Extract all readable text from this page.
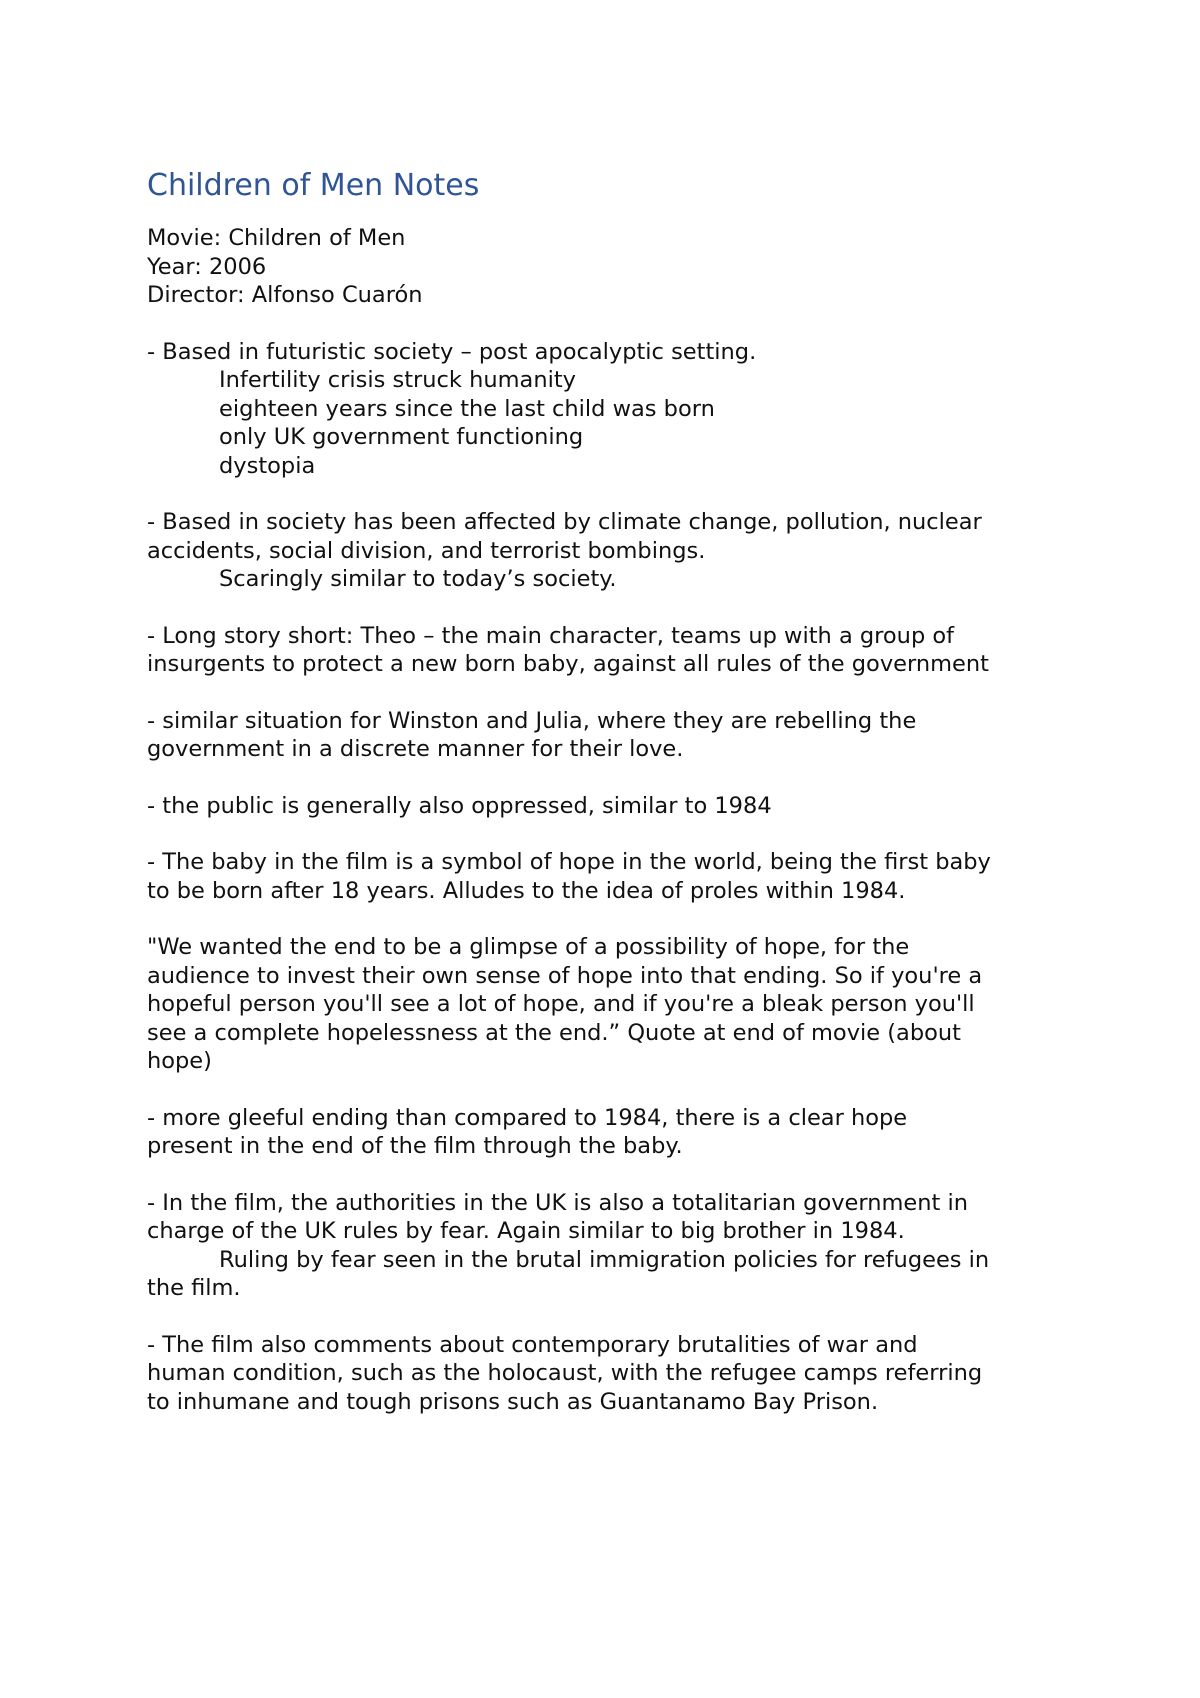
Children of Men Notes
Movie: Children of Men
Year: 2006
Director: Alfonso Cuarón
- Based in futuristic society – post apocalyptic setting.
Infertility crisis struck humanity
eighteen years since the last child was born
only UK government functioning
dystopia
- Based in society has been affected by climate change, pollution, nuclear
accidents, social division, and terrorist bombings.
Scaringly similar to today’s society.
- Long story short: Theo – the main character, teams up with a group of
insurgents to protect a new born baby, against all rules of the government
- similar situation for Winston and Julia, where they are rebelling the
government in a discrete manner for their love.
- the public is generally also oppressed, similar to 1984
- The baby in the film is a symbol of hope in the world, being the first baby
to be born after 18 years. Alludes to the idea of proles within 1984.
"We wanted the end to be a glimpse of a possibility of hope, for the
audience to invest their own sense of hope into that ending. So if you're a
hopeful person you'll see a lot of hope, and if you're a bleak person you'll
see a complete hopelessness at the end.” Quote at end of movie (about
hope)
- more gleeful ending than compared to 1984, there is a clear hope
present in the end of the film through the baby.
- In the film, the authorities in the UK is also a totalitarian government in
charge of the UK rules by fear. Again similar to big brother in 1984.
Ruling by fear seen in the brutal immigration policies for refugees in
the film.
- The film also comments about contemporary brutalities of war and
human condition, such as the holocaust, with the refugee camps referring
to inhumane and tough prisons such as Guantanamo Bay Prison.
